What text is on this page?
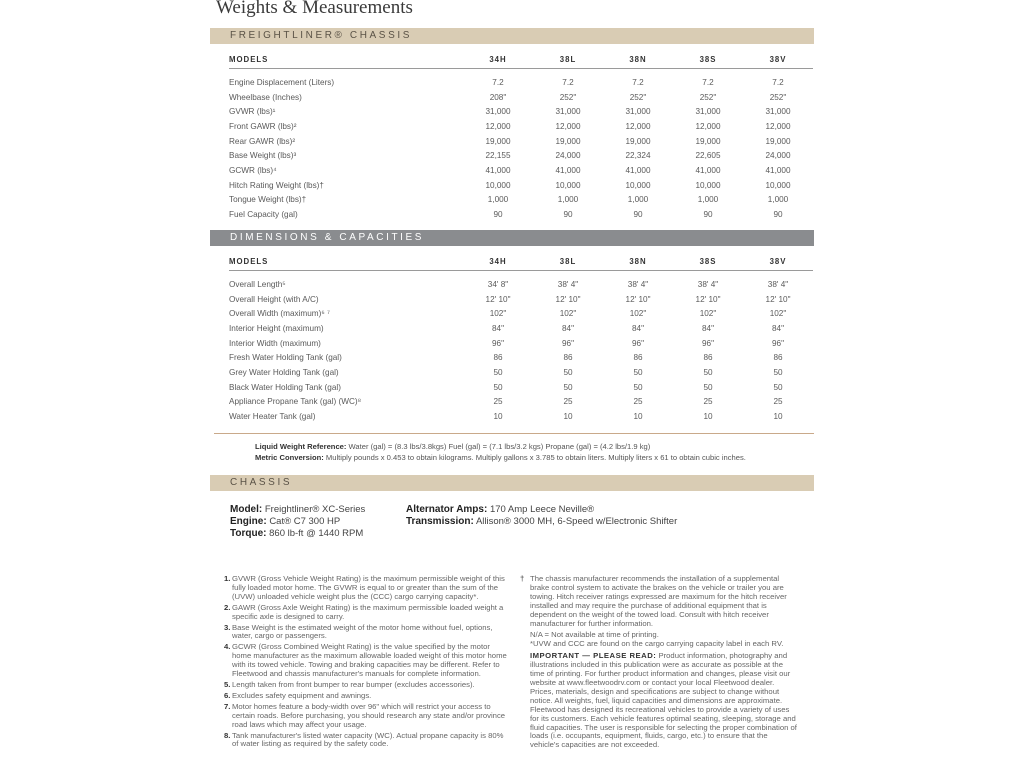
Weights & Measurements
FREIGHTLINER® CHASSIS
MODELS	34H	38L	38N	38S	38V

Engine Displacement (Liters)	7.2	7.2	7.2	7.2	7.2
Wheelbase (Inches)	208"	252"	252"	252"	252"
GVWR (lbs)¹	31,000	31,000	31,000	31,000	31,000
Front GAWR (lbs)²	12,000	12,000	12,000	12,000	12,000
Rear GAWR (lbs)²	19,000	19,000	19,000	19,000	19,000
Base Weight (lbs)³	22,155	24,000	22,324	22,605	24,000
GCWR (lbs)⁴	41,000	41,000	41,000	41,000	41,000
Hitch Rating Weight (lbs)†	10,000	10,000	10,000	10,000	10,000
Tongue Weight (lbs)†	1,000	1,000	1,000	1,000	1,000
Fuel Capacity (gal)	90	90	90	90	90
DIMENSIONS & CAPACITIES
MODELS	34H	38L	38N	38S	38V

Overall Length⁵	34' 8"	38' 4"	38' 4"	38' 4"	38' 4"
Overall Height (with A/C)	12' 10"	12' 10"	12' 10"	12' 10"	12' 10"
Overall Width (maximum)⁶ ⁷	102"	102"	102"	102"	102"
Interior Height (maximum)	84"	84"	84"	84"	84"
Interior Width (maximum)	96"	96"	96"	96"	96"
Fresh Water Holding Tank (gal)	86	86	86	86	86
Grey Water Holding Tank (gal)	50	50	50	50	50
Black Water Holding Tank (gal)	50	50	50	50	50
Appliance Propane Tank (gal) (WC)⁸	25	25	25	25	25
Water Heater Tank (gal)	10	10	10	10	10
Liquid Weight Reference: Water (gal) = (8.3 lbs/3.8kgs) Fuel (gal) = (7.1 lbs/3.2 kgs) Propane (gal) = (4.2 lbs/1.9 kg)
Metric Conversion: Multiply pounds x 0.453 to obtain kilograms. Multiply gallons x 3.785 to obtain liters. Multiply liters x 61 to obtain cubic inches.
CHASSIS
Model: Freightliner® XC-Series
Engine: Cat® C7 300 HP
Torque: 860 lb-ft @ 1440 RPM
Alternator Amps: 170 Amp Leece Neville®
Transmission: Allison® 3000 MH, 6-Speed w/Electronic Shifter
1. GVWR (Gross Vehicle Weight Rating) is the maximum permissible weight of this fully loaded motor home. The GVWR is equal to or greater than the sum of the (UVW) unloaded vehicle weight plus the (CCC) cargo carrying capacity*.
2. GAWR (Gross Axle Weight Rating) is the maximum permissible loaded weight a specific axle is designed to carry.
3. Base Weight is the estimated weight of the motor home without fuel, options, water, cargo or passengers.
4. GCWR (Gross Combined Weight Rating) is the value specified by the motor home manufacturer as the maximum allowable loaded weight of this motor home with its towed vehicle. Towing and braking capacities may be different. Refer to Fleetwood and chassis manufacturer's manuals for complete information.
5. Length taken from front bumper to rear bumper (excludes accessories).
6. Excludes safety equipment and awnings.
7. Motor homes feature a body-width over 96" which will restrict your access to certain roads. Before purchasing, you should research any state and/or province road laws which may affect your usage.
8. Tank manufacturer's listed water capacity (WC). Actual propane capacity is 80% of water listing as required by the safety code.
† The chassis manufacturer recommends the installation of a supplemental brake control system to activate the brakes on the vehicle or trailer you are towing. Hitch receiver ratings expressed are maximum for the hitch receiver installed and may require the purchase of additional equipment that is dependent on the weight of the towed load. Consult with hitch receiver manufacturer for further information.
N/A = Not available at time of printing.
*UVW and CCC are found on the cargo carrying capacity label in each RV.
IMPORTANT — PLEASE READ: Product information, photography and illustrations included in this publication were as accurate as possible at the time of printing. For further product information and changes, please visit our website at www.fleetwoodrv.com or contact your local Fleetwood dealer. Prices, materials, design and specifications are subject to change without notice. All weights, fuel, liquid capacities and dimensions are approximate. Fleetwood has designed its recreational vehicles to provide a variety of uses for its customers. Each vehicle features optimal seating, sleeping, storage and fluid capacities. The user is responsible for selecting the proper combination of loads (i.e. occupants, equipment, fluids, cargo, etc.) to ensure that the vehicle's capacities are not exceeded.
